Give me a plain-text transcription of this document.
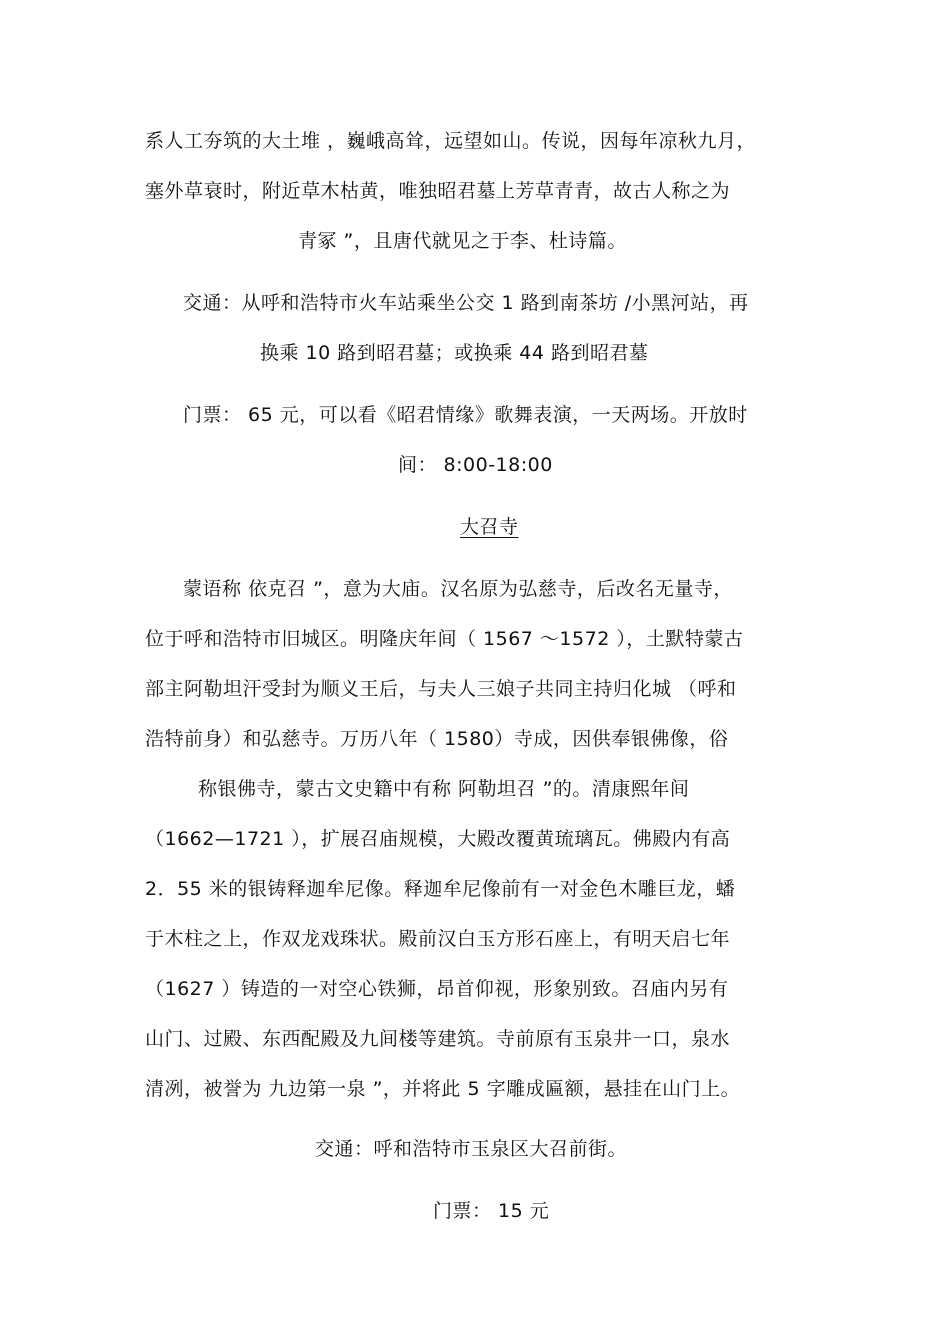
系人工夯筑的大土堆 ，巍峨高耸，远望如山。传说，因每年凉秋九月，
塞外草衰时，附近草木枯黄，唯独昭君墓上芳草青青，故古人称之为
青冢 ”，且唐代就见之于李、杜诗篇。
交通：从呼和浩特市火车站乘坐公交 1 路到南茶坊 /小黑河站，再
换乘 10 路到昭君墓；或换乘 44 路到昭君墓
门票： 65 元，可以看《昭君情缘》歌舞表演，一天两场。开放时
间： 8:00-18:00
大召寺
蒙语称 依克召 ”，意为大庙。汉名原为弘慈寺，后改名无量寺，
位于呼和浩特市旧城区。明隆庆年间（ 1567 ～1572 ），土默特蒙古
部主阿勒坦汗受封为顺义王后，与夫人三娘子共同主持归化城 （呼和
浩特前身）和弘慈寺。万历八年（ 1580）寺成，因供奉银佛像，俗
称银佛寺，蒙古文史籍中有称 阿勒坦召 ”的。清康熙年间
（1662—1721 ），扩展召庙规模，大殿改覆黄琉璃瓦。佛殿内有高
2．55 米的银铸释迦牟尼像。释迦牟尼像前有一对金色木雕巨龙，蟠
于木柱之上，作双龙戏珠状。殿前汉白玉方形石座上，有明天启七年
（1627 ）铸造的一对空心铁狮，昂首仰视，形象别致。召庙内另有
山门、过殿、东西配殿及九间楼等建筑。寺前原有玉泉井一口，泉水
清冽，被誉为 九边第一泉 ”，并将此 5 字雕成匾额，悬挂在山门上。
交通：呼和浩特市玉泉区大召前街。
门票： 15 元
